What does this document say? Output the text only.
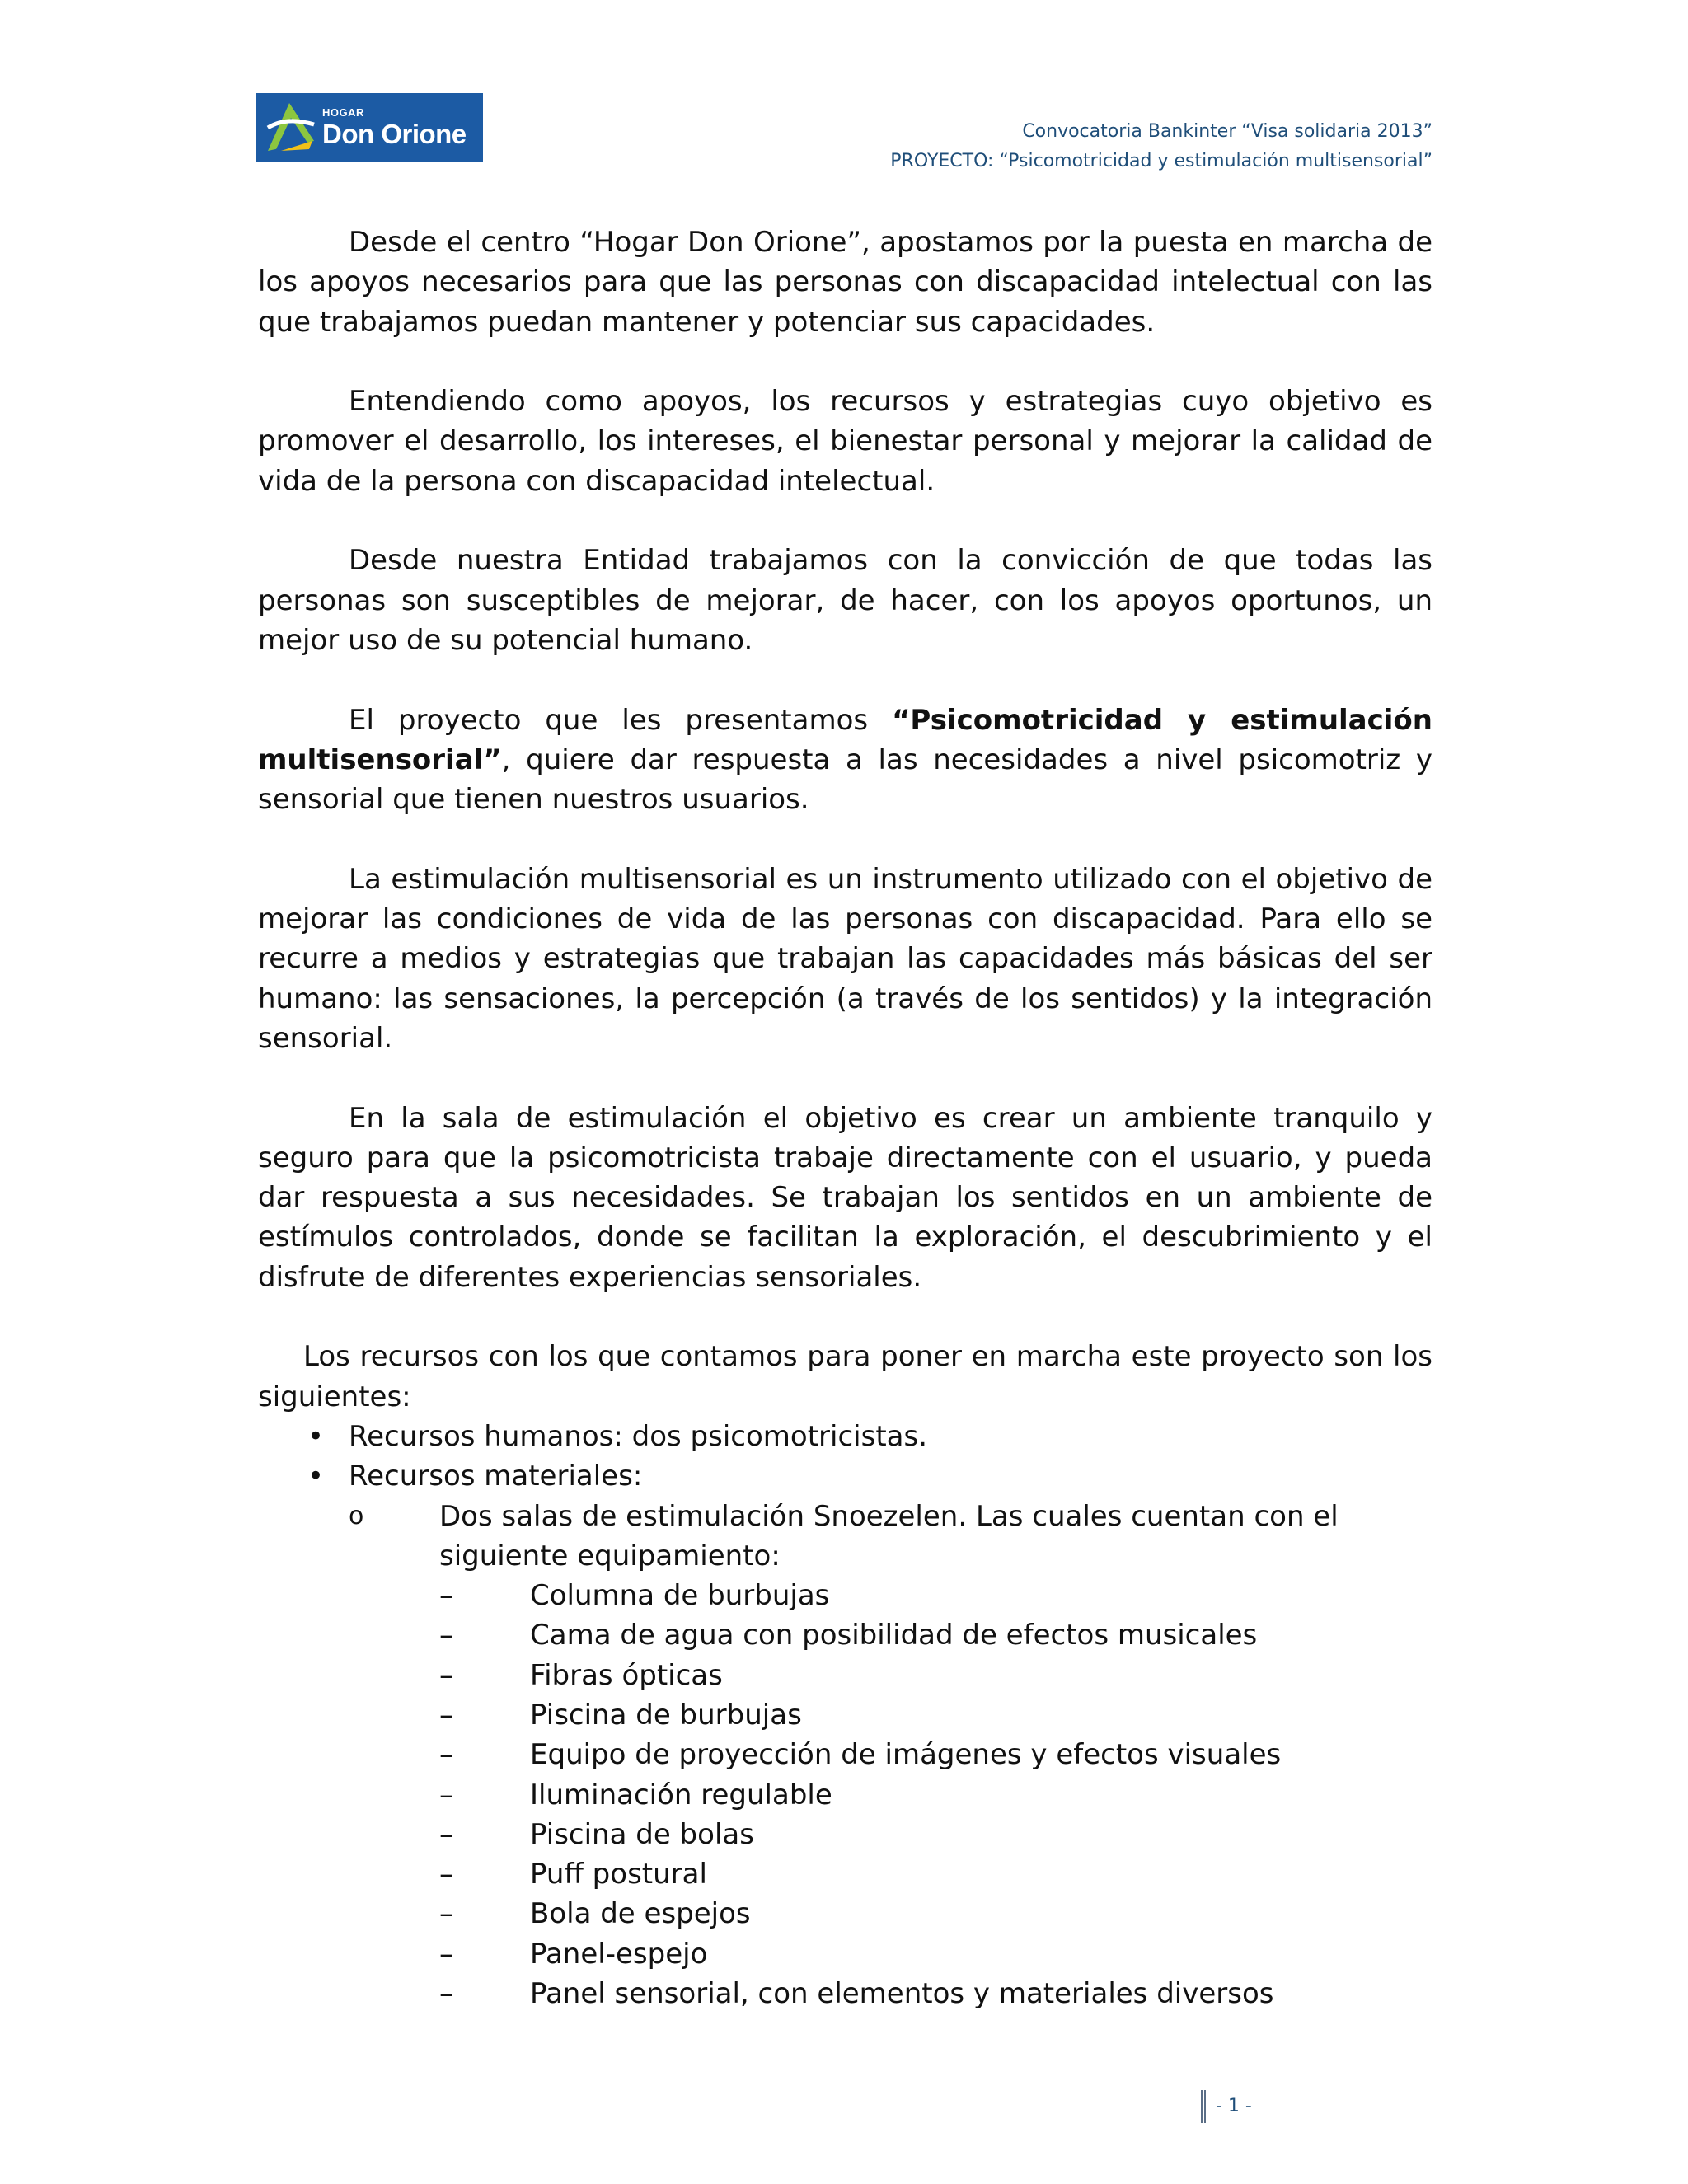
HOGAR
Don Orione	Convocatoria Bankinter “Visa solidaria 2013”
PROYECTO: “Psicomotricidad y estimulación multisensorial”

Desde el centro “Hogar Don Orione”, apostamos por la puesta en marcha de los apoyos necesarios para que las personas con discapacidad intelectual con las que trabajamos puedan mantener y potenciar sus capacidades.

Entendiendo como apoyos, los recursos y estrategias cuyo objetivo es promover el desarrollo, los intereses, el bienestar personal y mejorar la calidad de vida de la persona con discapacidad intelectual.

Desde nuestra Entidad trabajamos con la convicción de que todas las personas son susceptibles de mejorar, de hacer, con los apoyos oportunos, un mejor uso de su potencial humano.

El proyecto que les presentamos “Psicomotricidad y estimulación multisensorial”, quiere dar respuesta a las necesidades a nivel psicomotriz y sensorial que tienen nuestros usuarios.

La estimulación multisensorial es un instrumento utilizado con el objetivo de mejorar las condiciones de vida de las personas con discapacidad. Para ello se recurre a medios y estrategias que trabajan las capacidades más básicas del ser humano: las sensaciones, la percepción (a través de los sentidos) y la integración sensorial.

En la sala de estimulación el objetivo es crear un ambiente tranquilo y seguro para que la psicomotricista trabaje directamente con el usuario, y pueda dar respuesta a sus necesidades. Se trabajan los sentidos en un ambiente de estímulos controlados, donde se facilitan la exploración, el descubrimiento y el disfrute de diferentes experiencias sensoriales.

Los recursos con los que contamos para poner en marcha este proyecto son los siguientes:

• Recursos humanos: dos psicomotricistas.
• Recursos materiales:
o	Dos salas de estimulación Snoezelen. Las cuales cuentan con el siguiente equipamiento:
–	Columna de burbujas
–	Cama de agua con posibilidad de efectos musicales
–	Fibras ópticas
–	Piscina de burbujas
–	Equipo de proyección de imágenes y efectos visuales
–	Iluminación regulable
–	Piscina de bolas
–	Puff postural
–	Bola de espejos
–	Panel-espejo
–	Panel sensorial, con elementos y materiales diversos
- 1 -
